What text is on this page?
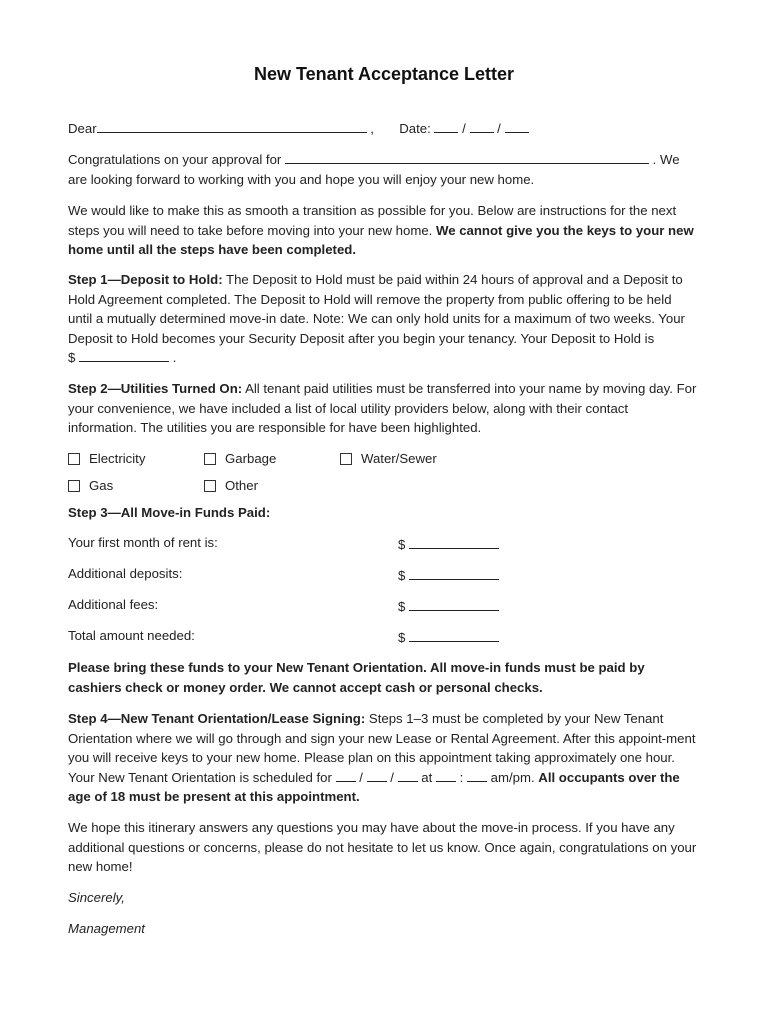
New Tenant Acceptance Letter
Dear	, Date: / /
Congratulations on your approval for	. We
are looking forward to working with you and hope you will enjoy your new home.

We would like to make this as smooth a transition as possible for you. Below are instructions for the next steps you will need to take before moving into your new home. We cannot give you the keys to your new home until all the steps have been completed.

Step 1—Deposit to Hold: The Deposit to Hold must be paid within 24 hours of approval and a Deposit to Hold Agreement completed. The Deposit to Hold will remove the property from public offering to be held until a mutually determined move-in date. Note: We can only hold units for a maximum of two weeks. Your Deposit to Hold becomes your Security Deposit after you begin your tenancy. Your Deposit to Hold is
$	.

Step 2—Utilities Turned On: All tenant paid utilities must be transferred into your name by moving day. For your convenience, we have included a list of local utility providers below, along with their contact information. The utilities you are responsible for have been highlighted.

Electricity	Garbage	Water/Sewer
Gas	Other
Step 3—All Move-in Funds Paid:
Your first month of rent is:	$
Additional deposits:	$
Additional fees:	$
Total amount needed:	$

Please bring these funds to your New Tenant Orientation. All move-in funds must be paid by cashiers check or money order. We cannot accept cash or personal checks.

Step 4—New Tenant Orientation/Lease Signing: Steps 1–3 must be completed by your New Tenant Orientation where we will go through and sign your new Lease or Rental Agreement. After this appoint-ment you will receive keys to your new home. Please plan on this appointment taking approximately one hour. Your New Tenant Orientation is scheduled for / / at : am/pm. All occupants over the age of 18 must be present at this appointment.

We hope this itinerary answers any questions you may have about the move-in process. If you have any additional questions or concerns, please do not hesitate to let us know. Once again, congratulations on your new home!
Sincerely,
Management
